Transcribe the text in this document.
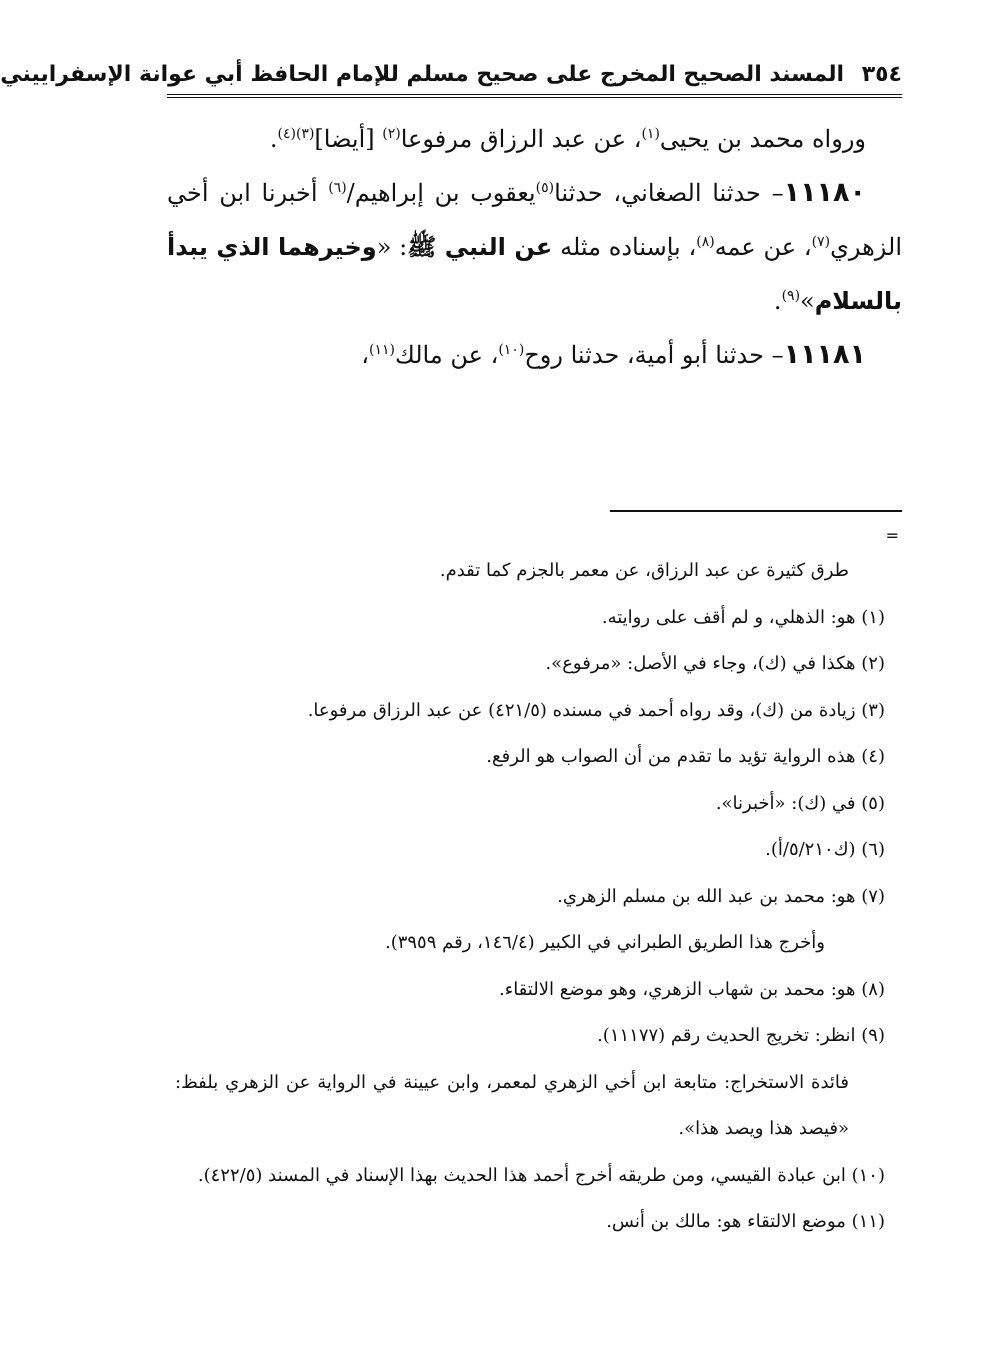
٣٥٤ المسند الصحيح المخرج على صحيح مسلم للإمام الحافظ أبي عوانة الإسفراييني

ورواه محمد بن يحيى$^{(١)}$، عن عبد الرزاق مرفوعا$^{(٢)}$ [أيضا]$^{(٣)(٤)}$.

١١١٨٠– حدثنا الصغاني، حدثنا$^{(٥)}$يعقوب بن إبراهيم/$^{(٦)}$ أخبرنا ابن أخي الزهري$^{(٧)}$، عن عمه$^{(٨)}$، بإسناده مثله عن النبي ﷺ: «وخيرهما الذي يبدأ بالسلام»$^{(٩)}$.

١١١٨١– حدثنا أبو أمية، حدثنا روح$^{(١٠)}$، عن مالك$^{(١١)}$،

=

طرق كثيرة عن عبد الرزاق، عن معمر بالجزم كما تقدم.

(١) هو: الذهلي، و لم أقف على روايته.

(٢) هكذا في (ك)، وجاء في الأصل: «مرفوع».

(٣) زيادة من (ك)، وقد رواه أحمد في مسنده (٤٢١/٥) عن عبد الرزاق مرفوعا.

(٤) هذه الرواية تؤيد ما تقدم من أن الصواب هو الرفع.

(٥) في (ك): «أخبرنا».

(٦) (ك٥/٢١٠/أ).

(٧) هو: محمد بن عبد الله بن مسلم الزهري.

وأخرج هذا الطريق الطبراني في الكبير (١٤٦/٤، رقم ٣٩٥٩).

(٨) هو: محمد بن شهاب الزهري، وهو موضع الالتقاء.

(٩) انظر: تخريج الحديث رقم (١١١٧٧).

فائدة الاستخراج: متابعة ابن أخي الزهري لمعمر، وابن عيينة في الرواية عن الزهري بلفظ: «فيصد هذا ويصد هذا».

(١٠) ابن عبادة القيسي، ومن طريقه أخرج أحمد هذا الحديث بهذا الإسناد في المسند (٤٢٢/٥).

(١١) موضع الالتقاء هو: مالك بن أنس.
